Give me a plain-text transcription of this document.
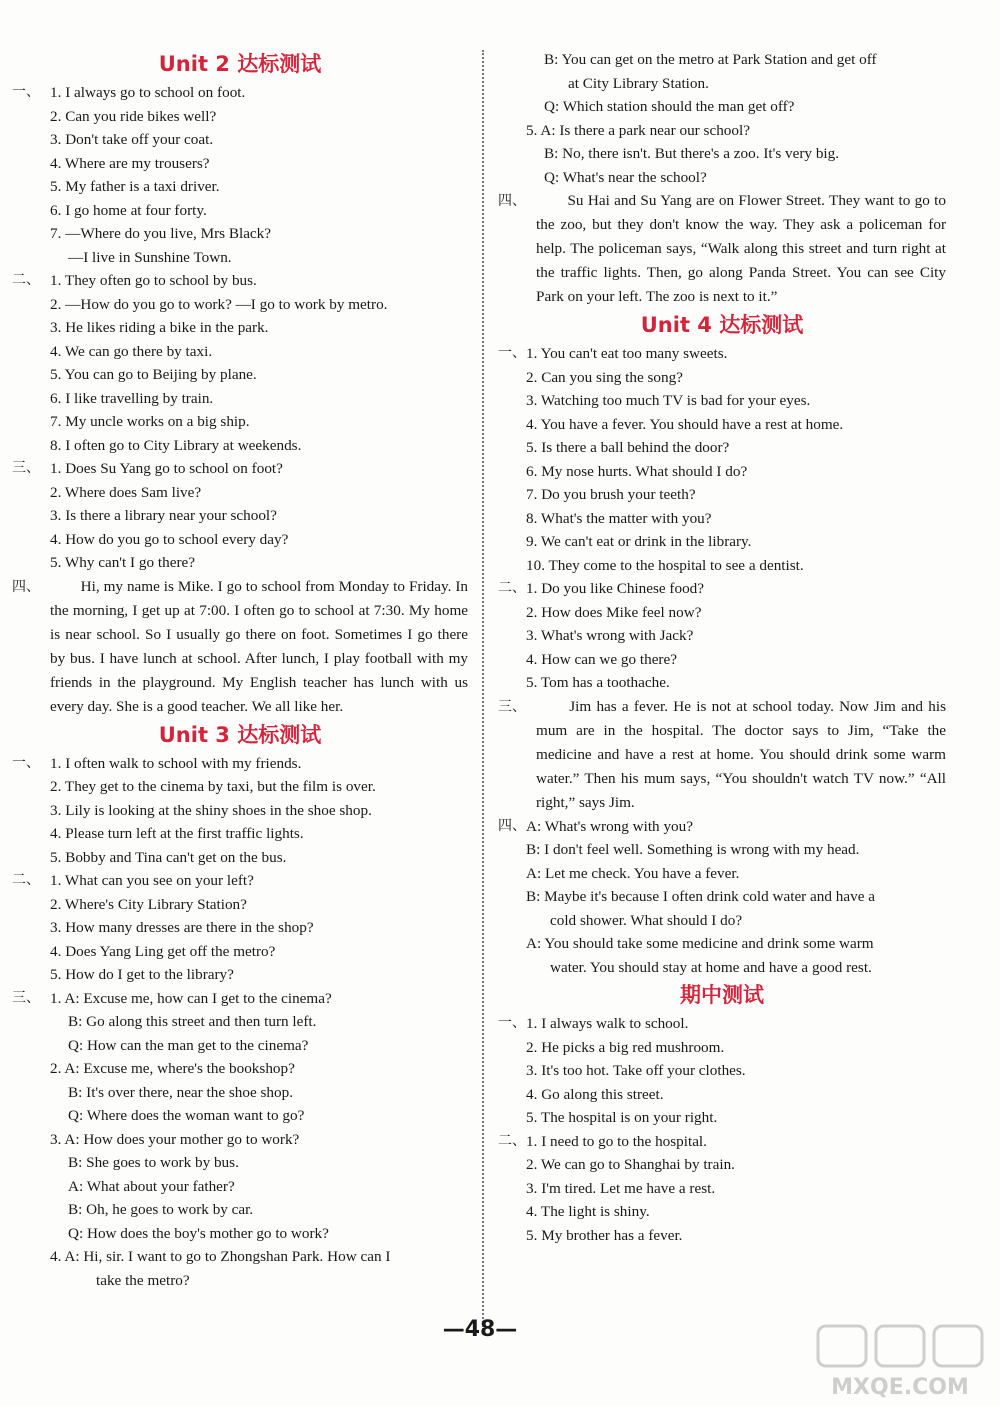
Unit 2 达标测试
一、 1. I always go to school on foot.
2. Can you ride bikes well?
3. Don't take off your coat.
4. Where are my trousers?
5. My father is a taxi driver.
6. I go home at four forty.
7. —Where do you live, Mrs Black?
—I live in Sunshine Town.
二、 1. They often go to school by bus.
2. —How do you go to work? —I go to work by metro.
3. He likes riding a bike in the park.
4. We can go there by taxi.
5. You can go to Beijing by plane.
6. I like travelling by train.
7. My uncle works on a big ship.
8. I often go to City Library at weekends.
三、 1. Does Su Yang go to school on foot?
2. Where does Sam live?
3. Is there a library near your school?
4. How do you go to school every day?
5. Why can't I go there?
四、 　　Hi, my name is Mike. I go to school from Monday to Friday. In the morning, I get up at 7:00. I often go to school at 7:30. My home is near school. So I usually go there on foot. Sometimes I go there by bus. I have lunch at school. After lunch, I play football with my friends in the playground. My English teacher has lunch with us every day. She is a good teacher. We all like her.

Unit 3 达标测试
一、 1. I often walk to school with my friends.
2. They get to the cinema by taxi, but the film is over.
3. Lily is looking at the shiny shoes in the shoe shop.
4. Please turn left at the first traffic lights.
5. Bobby and Tina can't get on the bus.
二、 1. What can you see on your left?
2. Where's City Library Station?
3. How many dresses are there in the shop?
4. Does Yang Ling get off the metro?
5. How do I get to the library?
三、 1. A: Excuse me, how can I get to the cinema?
B: Go along this street and then turn left.
Q: How can the man get to the cinema?
2. A: Excuse me, where's the bookshop?
B: It's over there, near the shoe shop.
Q: Where does the woman want to go?
3. A: How does your mother go to work?
B: She goes to work by bus.
A: What about your father?
B: Oh, he goes to work by car.
Q: How does the boy's mother go to work?
4. A: Hi, sir. I want to go to Zhongshan Park. How can I
take the metro?
B: You can get on the metro at Park Station and get off
at City Library Station.
Q: Which station should the man get off?
5. A: Is there a park near our school?
B: No, there isn't. But there's a zoo. It's very big.
Q: What's near the school?
四、 　　Su Hai and Su Yang are on Flower Street. They want to go to the zoo, but they don't know the way. They ask a policeman for help. The policeman says, “Walk along this street and turn right at the traffic lights. Then, go along Panda Street. You can see City Park on your left. The zoo is next to it.”

Unit 4 达标测试
一、 1. You can't eat too many sweets.
2. Can you sing the song?
3. Watching too much TV is bad for your eyes.
4. You have a fever. You should have a rest at home.
5. Is there a ball behind the door?
6. My nose hurts. What should I do?
7. Do you brush your teeth?
8. What's the matter with you?
9. We can't eat or drink in the library.
10. They come to the hospital to see a dentist.
二、 1. Do you like Chinese food?
2. How does Mike feel now?
3. What's wrong with Jack?
4. How can we go there?
5. Tom has a toothache.
三、 　　Jim has a fever. He is not at school today. Now Jim and his mum are in the hospital. The doctor says to Jim, “Take the medicine and have a rest at home. You should drink some warm water.” Then his mum says, “You shouldn't watch TV now.” “All right,” says Jim.

四、 A: What's wrong with you?
B: I don't feel well. Something is wrong with my head.
A: Let me check. You have a fever.
B: Maybe it's because I often drink cold water and have a
cold shower. What should I do?
A: You should take some medicine and drink some warm
water. You should stay at home and have a good rest.
期中测试
一、 1. I always walk to school.
2. He picks a big red mushroom.
3. It's too hot. Take off your clothes.
4. Go along this street.
5. The hospital is on your right.
二、 1. I need to go to the hospital.
2. We can go to Shanghai by train.
3. I'm tired. Let me have a rest.
4. The light is shiny.
5. My brother has a fever.
—48—
MXQE.COM
